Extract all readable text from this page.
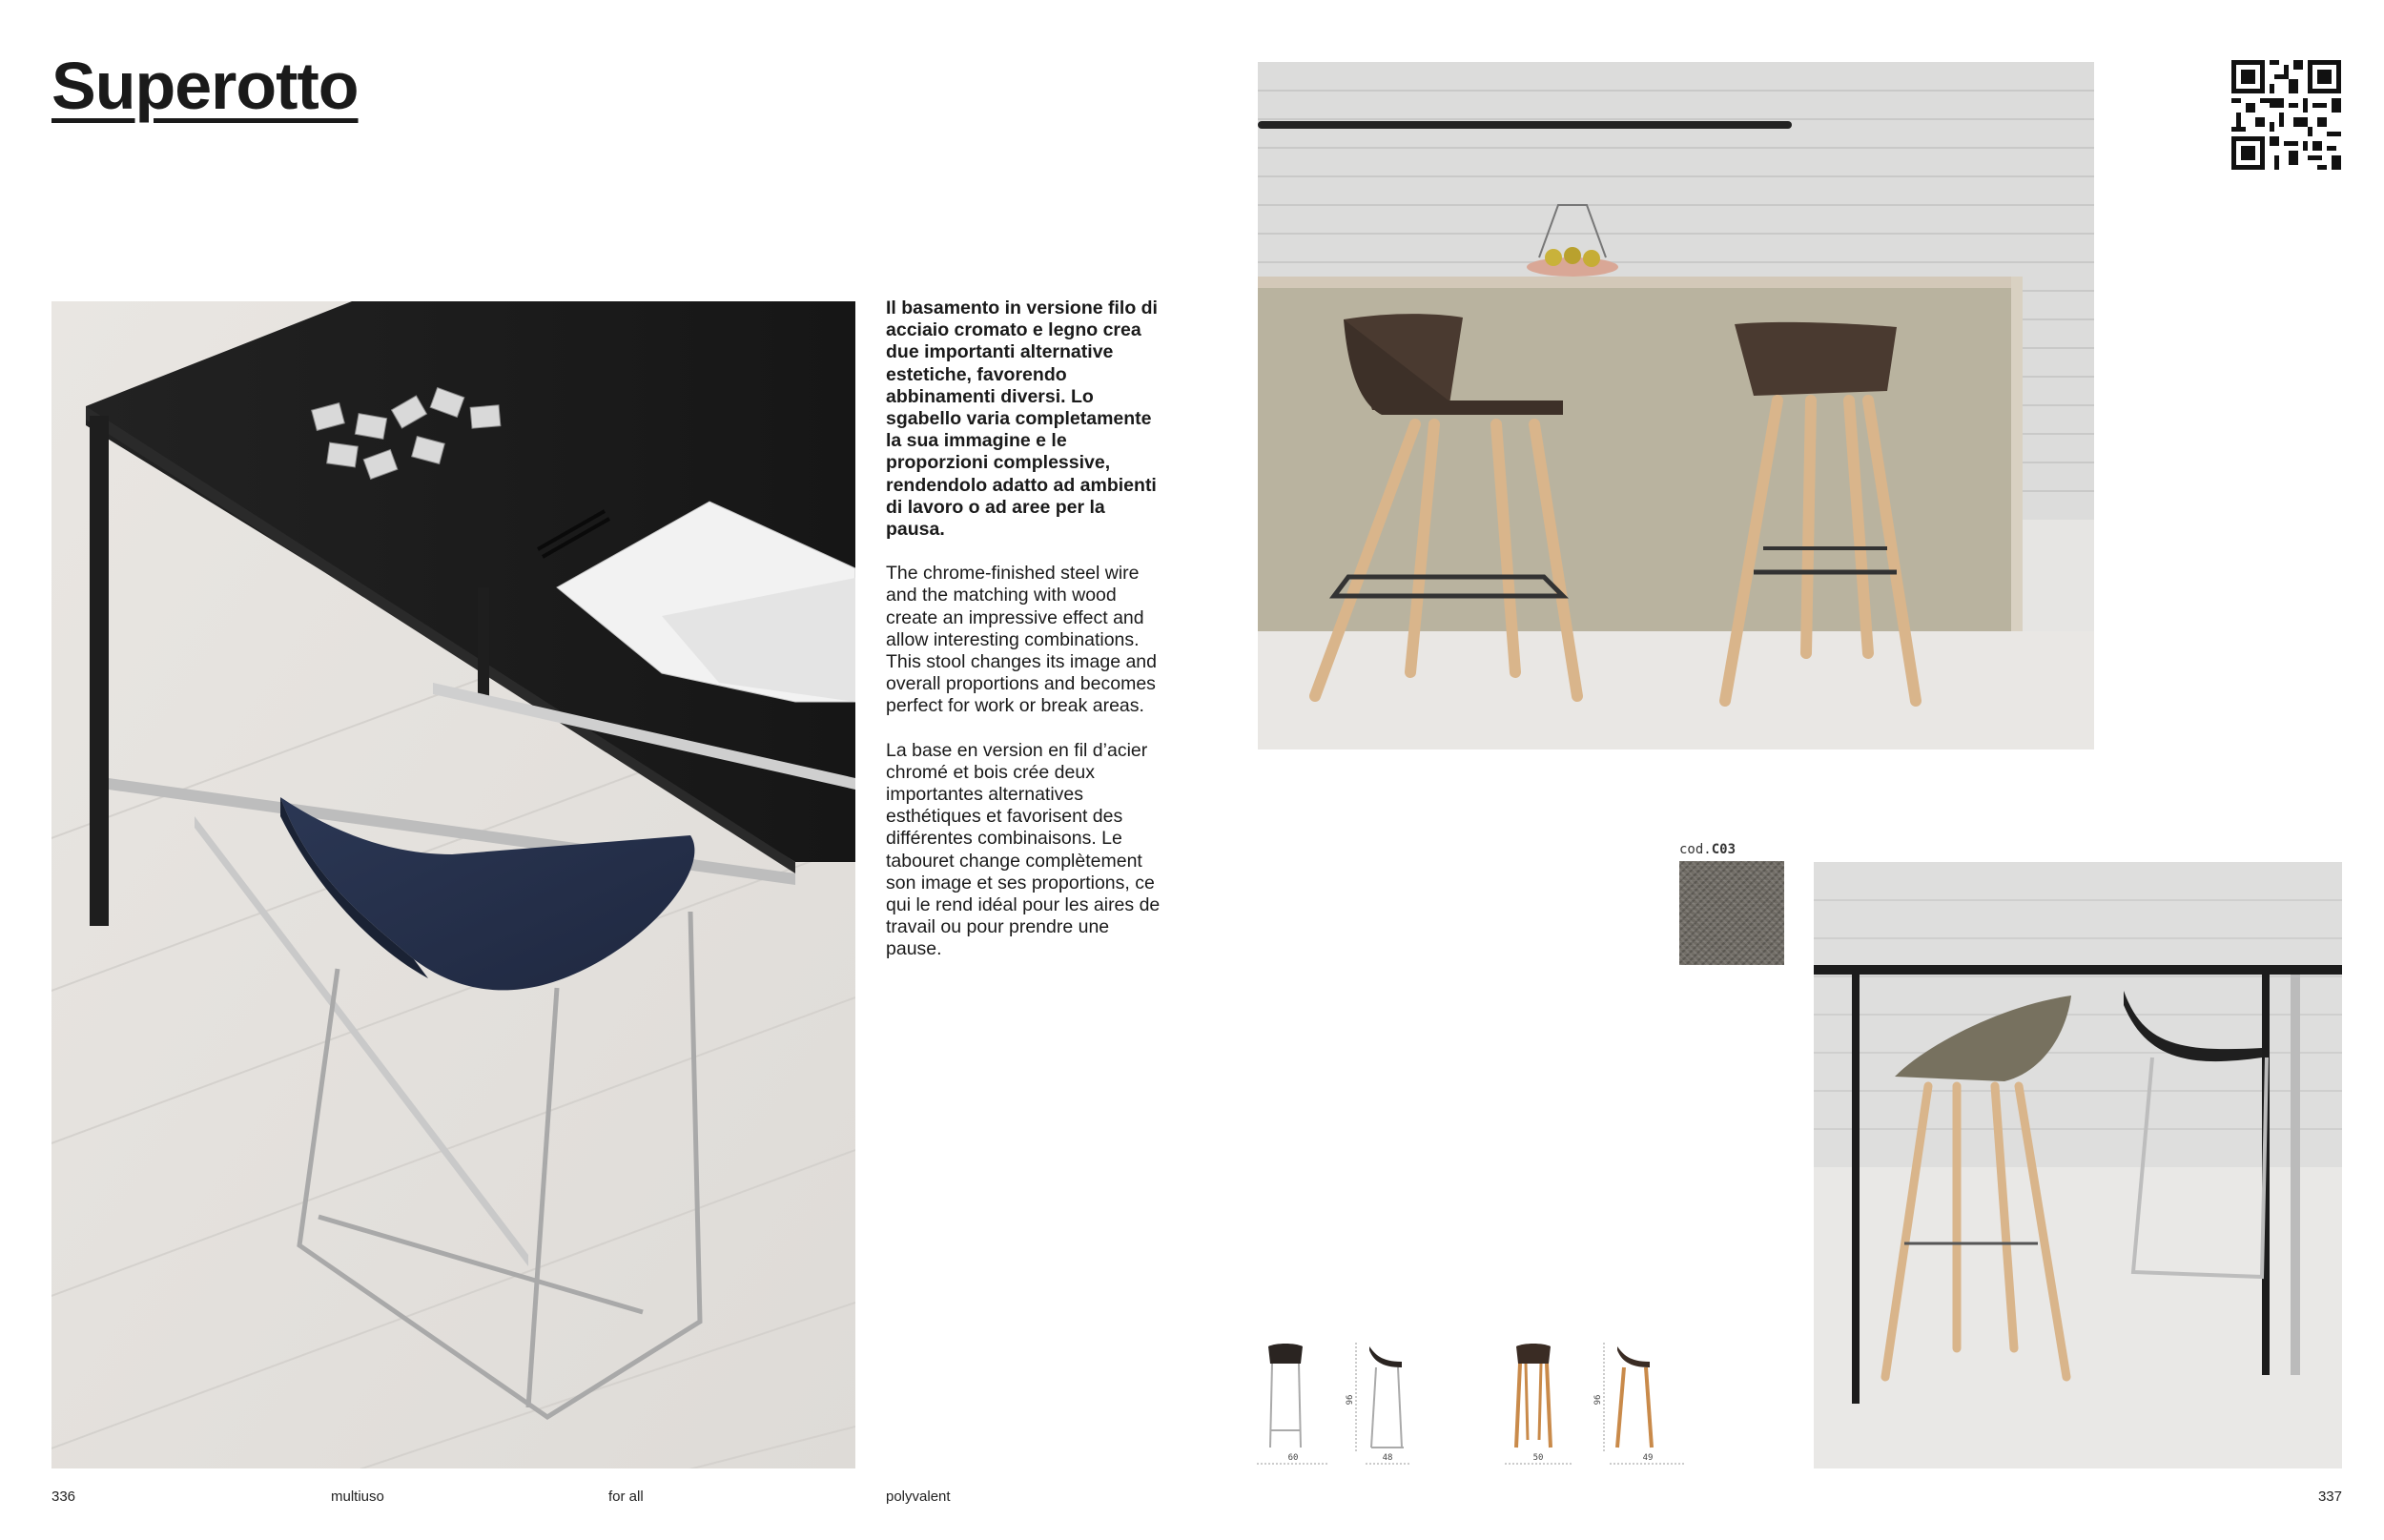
Superotto

Il basamento in versione filo di acciaio cromato e legno crea due importanti alternative estetiche, favorendo abbinamenti diversi. Lo sgabello varia completamente la sua immagine e le proporzioni complessive, rendendolo adatto ad ambienti di lavoro o ad aree per la pausa.

The chrome-finished steel wire and the matching with wood create an impressive effect and allow interesting combinations. This stool changes its image and overall proportions and becomes perfect for work or break areas.

La base en version en fil d’acier chromé et bois crée deux importantes alternatives esthétiques et favorisent des différentes combinaisons. Le tabouret change complètement son image et ses proportions, ce qui le rend idéal pour les aires de travail ou pour prendre une pause.

cod.C03
96	96
60	48	50	49
336	multiuso	for all	polyvalent	337
